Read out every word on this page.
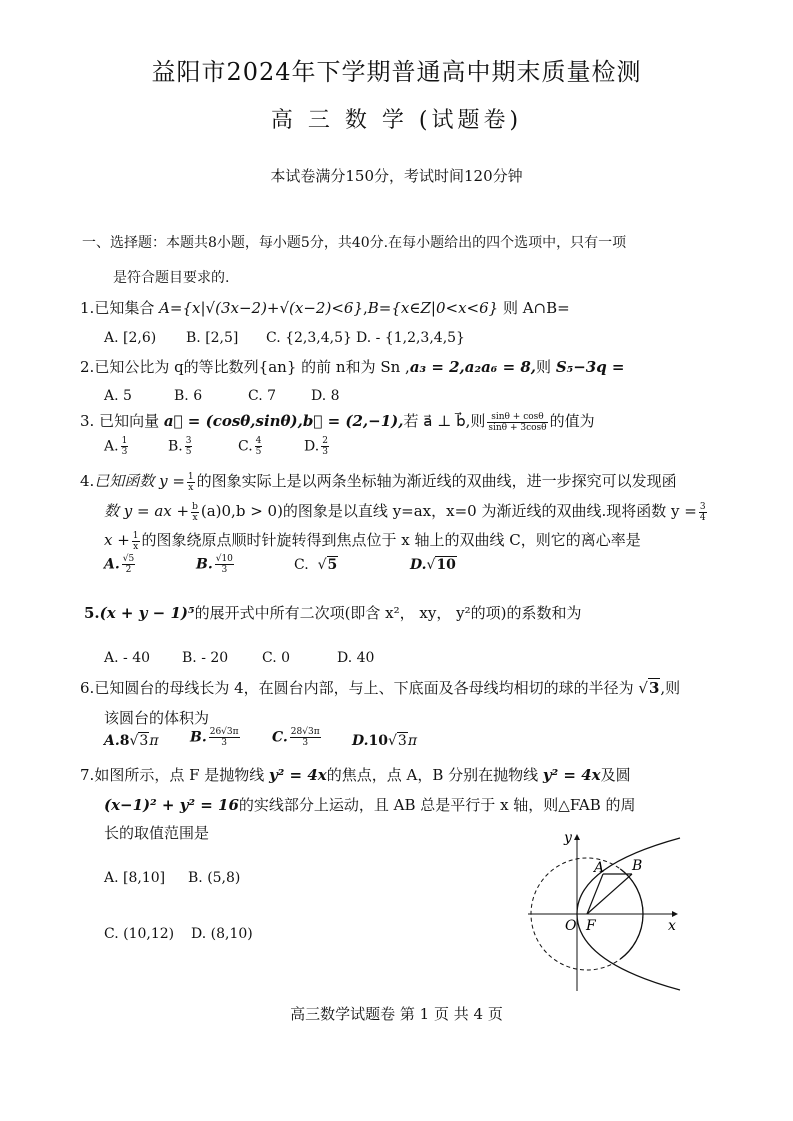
益阳市2024年下学期普通高中期末质量检测
高 三 数 学 (试题卷)
本试卷满分150分，考试时间120分钟
一、选择题：本题共8小题，每小题5分，共40分.在每小题给出的四个选项中，只有一项
是符合题目要求的.
1.已知集合 A={x|√(3x−2)+√(x−2)<6},B={x∈Z|0<x<6} 则 A∩B=
A. [2,6) B. [2,5] C. {2,3,4,5} D. - {1,2,3,4,5}
2.已知公比为 q的等比数列{an} 的前 n和为 Sn ,a₃ = 2,a₂a₆ = 8,则 S₅−3q =
A. 5	B. 6	C. 7 D. 8
3. 已知向量 a⃗ = (cosθ,sinθ),b⃗ = (2,−1),若 a⃗ ⊥ b⃗,则 $\frac{\sin\theta + \cos\theta}{\sin\theta + 3\cos\theta}$ 的值为
A. $\frac{1}{3}$	B. $\frac{3}{5}$	C. $\frac{4}{5}$	D. $\frac{2}{3}$
4.已知函数 $y = \frac{1}{x}$ 的图象实际上是以两条坐标轴为渐近线的双曲线，进一步探究可以发现函
数 y = ax + $\frac{b}{x} (a)0,b > 0$)的图象是以直线 y=ax，x=0 为渐近线的双曲线.现将函数 $y = \frac{3}{4}$
$x + \frac{1}{x}$ 的图象绕原点顺时针旋转得到焦点位于 x 轴上的双曲线 C，则它的离心率是
A. $\frac{√5}{2}$	B. $\frac{√10}{3}$	C.  √5	D.√10
5.(x + y − 1)⁵的展开式中所有二次项(即含 x²， xy， y²的项)的系数和为
A. - 40 B. - 20 C. 0	D. 40
6.已知圆台的母线长为 4，在圆台内部，与上、下底面及各母线均相切的球的半径为 √3,则
该圆台的体积为
A.8√3π B. $\frac{26√3\pi}{3} C$. $\frac{28√3\pi}{3} D.10√3\pi$
7.如图所示，点 F 是抛物线 y² = 4x的焦点，点 A，B 分别在抛物线 y² = 4x及圆
(x−1)² + y² = 16的实线部分上运动，且 AB 总是平行于 x 轴，则△FAB 的周
长的取值范围是
A. [8,10] B. (5,8)
C. (10,12) D. (8,10)
y
x
A B
O F
高三数学试题卷 第 1 页 共 4 页
